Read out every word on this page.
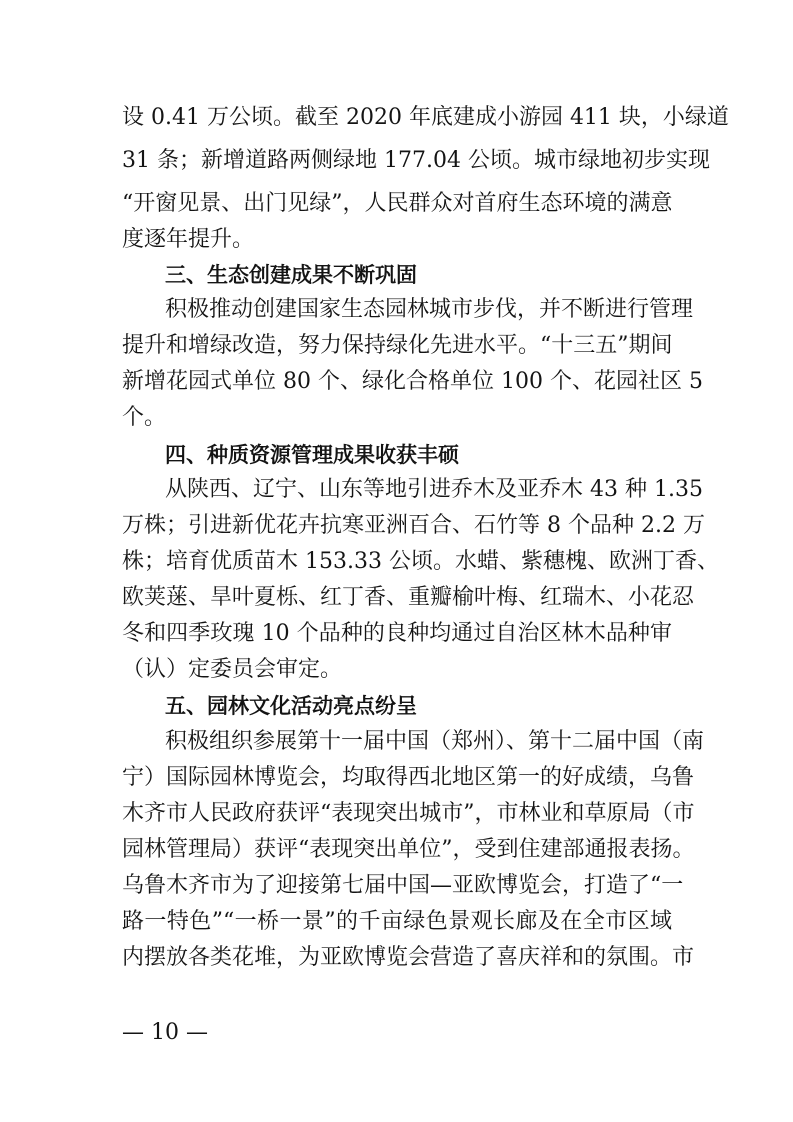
设 0.41 万公顷。截至 2020 年底建成小游园 411 块，小绿道
31 条；新增道路两侧绿地 177.04 公顷。城市绿地初步实现
“开窗见景、出门见绿”，人民群众对首府生态环境的满意
度逐年提升。
三、生态创建成果不断巩固
积极推动创建国家生态园林城市步伐，并不断进行管理
提升和增绿改造，努力保持绿化先进水平。“十三五”期间
新增花园式单位 80 个、绿化合格单位 100 个、花园社区 5
个。
四、种质资源管理成果收获丰硕
从陕西、辽宁、山东等地引进乔木及亚乔木 43 种 1.35
万株；引进新优花卉抗寒亚洲百合、石竹等 8 个品种 2.2 万
株；培育优质苗木 153.33 公顷。水蜡、紫穗槐、欧洲丁香、
欧荚蒾、旱叶夏栎、红丁香、重瓣榆叶梅、红瑞木、小花忍
冬和四季玫瑰 10 个品种的良种均通过自治区林木品种审
（认）定委员会审定。
五、园林文化活动亮点纷呈
积极组织参展第十一届中国（郑州）、第十二届中国（南
宁）国际园林博览会，均取得西北地区第一的好成绩，乌鲁
木齐市人民政府获评“表现突出城市”，市林业和草原局（市
园林管理局）获评“表现突出单位”，受到住建部通报表扬。
乌鲁木齐市为了迎接第七届中国—亚欧博览会，打造了“一
路一特色”“一桥一景”的千亩绿色景观长廊及在全市区域
内摆放各类花堆，为亚欧博览会营造了喜庆祥和的氛围。市
— 10 —
